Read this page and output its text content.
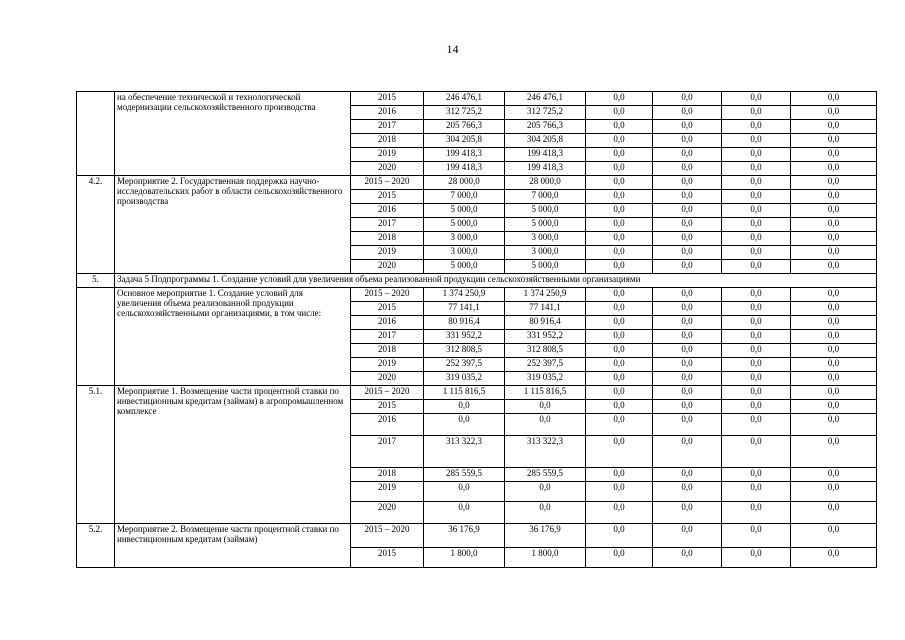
14
	на обеспечение технической и технологической модернизации сельскохозяйственного производства	2015	246 476,1	246 476,1	0,0	0,0	0,0	0,0
		2016	312 725,2	312 725,2	0,0	0,0	0,0	0,0
		2017	205 766,3	205 766,3	0,0	0,0	0,0	0,0
		2018	304 205,8	304 205,8	0,0	0,0	0,0	0,0
		2019	199 418,3	199 418,3	0,0	0,0	0,0	0,0
		2020	199 418,3	199 418,3	0,0	0,0	0,0	0,0
4.2.	Мероприятие 2. Государственная поддержка научно-исследовательских работ в области сельскохозяйственного производства	2015 – 2020	28 000,0	28 000,0	0,0	0,0	0,0	0,0
		2015	7 000,0	7 000,0	0,0	0,0	0,0	0,0
		2016	5 000,0	5 000,0	0,0	0,0	0,0	0,0
		2017	5 000,0	5 000,0	0,0	0,0	0,0	0,0
		2018	3 000,0	3 000,0	0,0	0,0	0,0	0,0
		2019	3 000,0	3 000,0	0,0	0,0	0,0	0,0
		2020	5 000,0	5 000,0	0,0	0,0	0,0	0,0
5.	Задача 5 Подпрограммы 1. Создание условий для увеличения объема реализованной продукции сельскохозяйственными организациями							
	Основное мероприятие 1. Создание условий для увеличения объема реализованной продукции сельскохозяйственными организациями, в том числе:	2015 – 2020	1 374 250,9	1 374 250,9	0,0	0,0	0,0	0,0
		2015	77 141,1	77 141,1	0,0	0,0	0,0	0,0
		2016	80 916,4	80 916,4	0,0	0,0	0,0	0,0
		2017	331 952,2	331 952,2	0,0	0,0	0,0	0,0
		2018	312 808,5	312 808,5	0,0	0,0	0,0	0,0
		2019	252 397,5	252 397,5	0,0	0,0	0,0	0,0
		2020	319 035,2	319 035,2	0,0	0,0	0,0	0,0
5.1.	Мероприятие 1. Возмещение части процентной ставки по инвестиционным кредитам (займам) в агропромышленном комплексе	2015 – 2020	1 115 816,5	1 115 816,5	0,0	0,0	0,0	0,0
		2015	0,0	0,0	0,0	0,0	0,0	0,0
		2016	0,0	0,0	0,0	0,0	0,0	0,0
		2017	313 322,3	313 322,3	0,0	0,0	0,0	0,0
		2018	285 559,5	285 559,5	0,0	0,0	0,0	0,0
		2019	0,0	0,0	0,0	0,0	0,0	0,0
		2020	0,0	0,0	0,0	0,0	0,0	0,0
5.2.	Мероприятие 2. Возмещение части процентной ставки по инвестиционным кредитам (займам)	2015 – 2020	36 176,9	36 176,9	0,0	0,0	0,0	0,0
		2015	1 800,0	1 800,0	0,0	0,0	0,0	0,0
